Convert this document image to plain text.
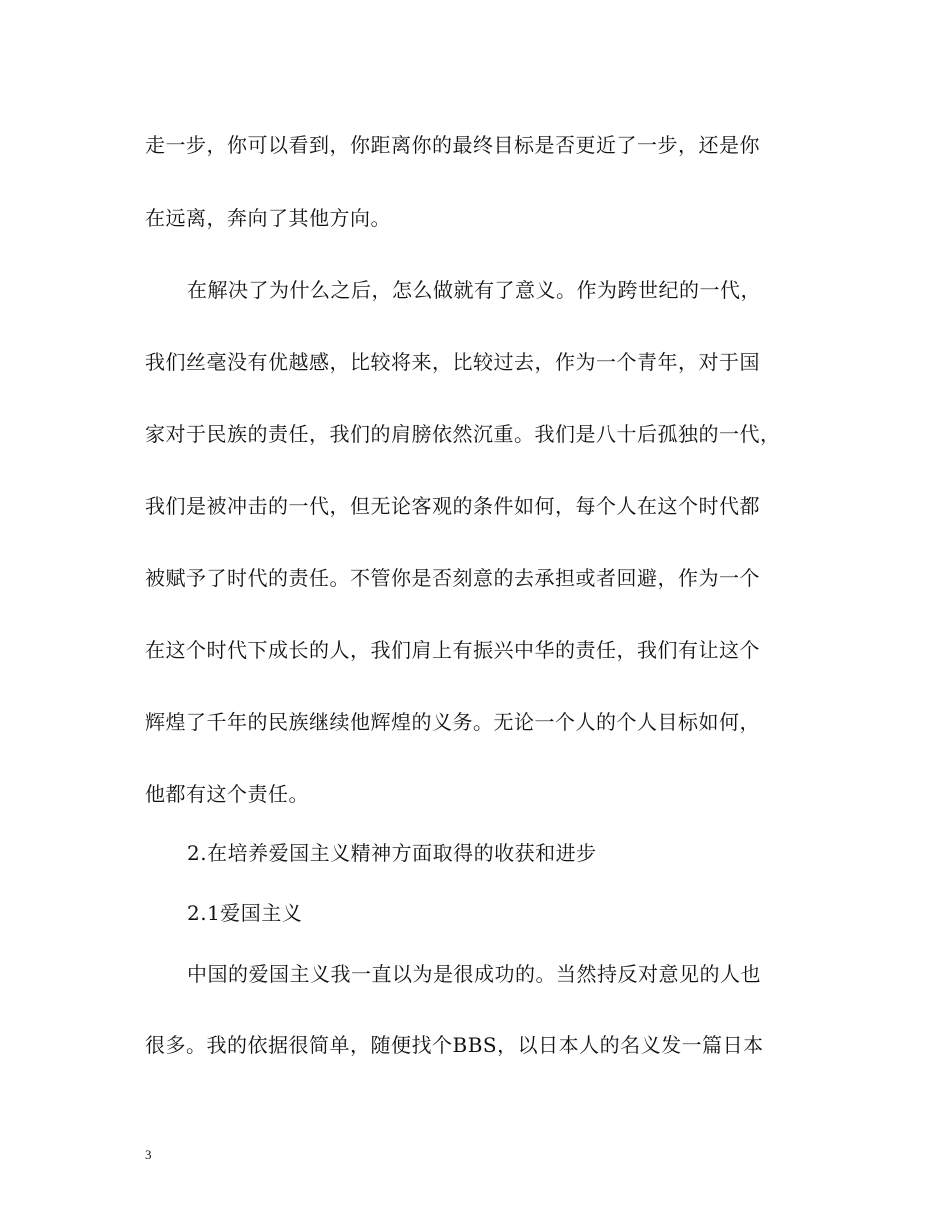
走一步，你可以看到，你距离你的最终目标是否更近了一步，还是你
在远离，奔向了其他方向。
在解决了为什么之后，怎么做就有了意义。作为跨世纪的一代，
我们丝毫没有优越感，比较将来，比较过去，作为一个青年，对于国
家对于民族的责任，我们的肩膀依然沉重。我们是八十后孤独的一代，
我们是被冲击的一代，但无论客观的条件如何，每个人在这个时代都
被赋予了时代的责任。不管你是否刻意的去承担或者回避，作为一个
在这个时代下成长的人，我们肩上有振兴中华的责任，我们有让这个
辉煌了千年的民族继续他辉煌的义务。无论一个人的个人目标如何，
他都有这个责任。
2.在培养爱国主义精神方面取得的收获和进步
2.1爱国主义
中国的爱国主义我一直以为是很成功的。当然持反对意见的人也
很多。我的依据很简单，随便找个BBS，以日本人的名义发一篇日本
3
